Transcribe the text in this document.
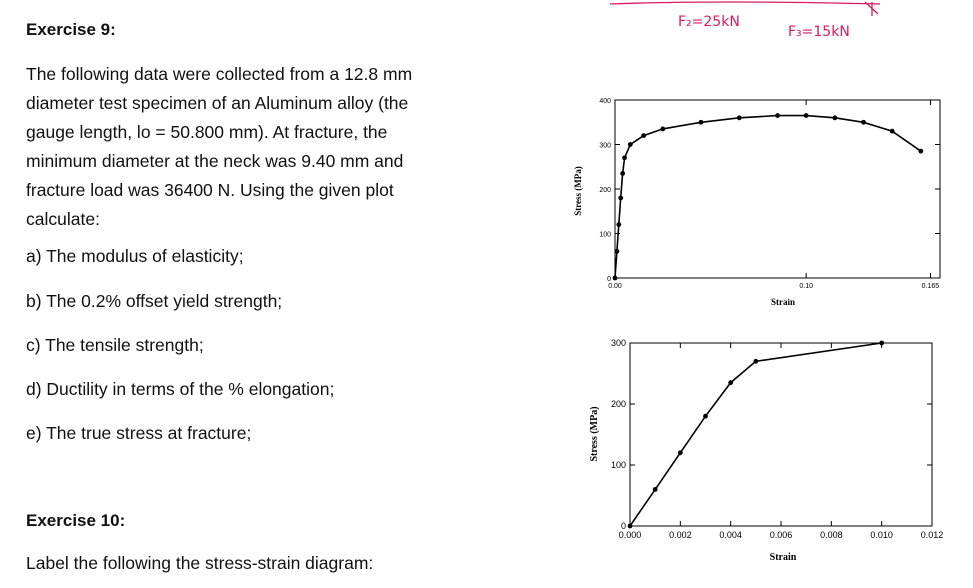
Exercise 9:
The following data were collected from a 12.8 mm
diameter test specimen of an Aluminum alloy (the
gauge length, lo = 50.800 mm). At fracture, the
minimum diameter at the neck was 9.40 mm and
fracture load was 36400 N. Using the given plot
calculate:
a) The modulus of elasticity;
b) The 0.2% offset yield strength;
c) The tensile strength;
d) Ductility in terms of the % elongation;
e) The true stress at fracture;
Exercise 10:
Label the following the stress-strain diagram:
F₂=25kN
F₃=15kN
0
100
200
300
400
0.00	0.10	0.165
Strain
Stress (MPa)
0
100
200
300
0.000	0.002	0.004	0.006	0.008	0.010	0.012
Strain
Stress (MPa)
